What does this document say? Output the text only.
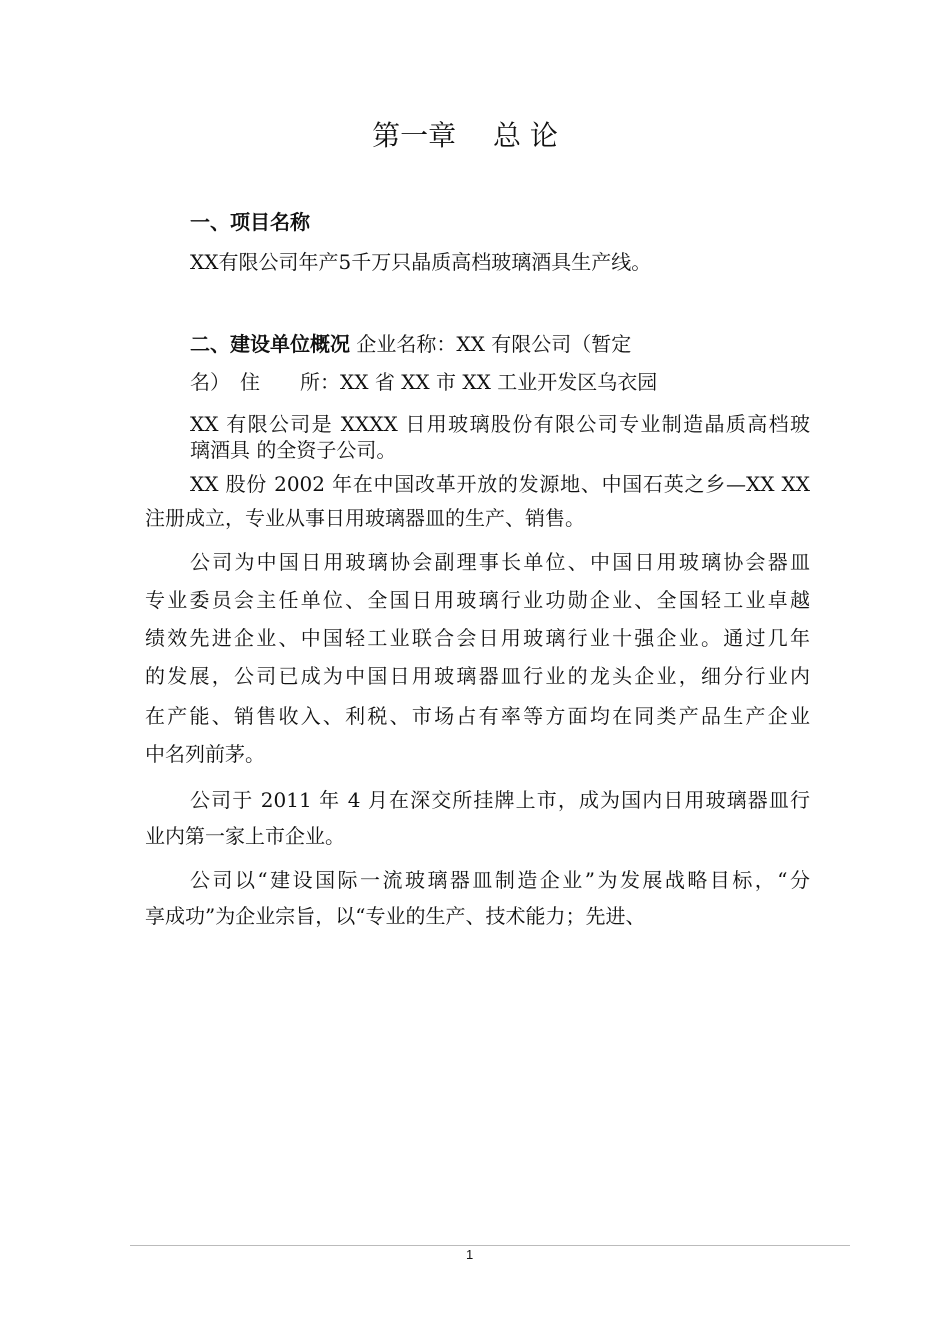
第一章　 总 论
一、项目名称
XX有限公司年产5千万只晶质高档玻璃酒具生产线。
二、建设单位概况 企业名称：XX 有限公司（暂定
名）　住　　所：XX 省 XX 市 XX 工业开发区乌衣园
XX 有限公司是 XXXX 日用玻璃股份有限公司专业制造晶质高档玻
璃酒具 的全资子公司。
XX 股份 2002 年在中国改革开放的发源地、中国石英之乡—XX XX
注册成立，专业从事日用玻璃器皿的生产、销售。
公司为中国日用玻璃协会副理事长单位、中国日用玻璃协会器皿
专业委员会主任单位、全国日用玻璃行业功勋企业、全国轻工业卓越
绩效先进企业、中国轻工业联合会日用玻璃行业十强企业。通过几年
的发展，公司已成为中国日用玻璃器皿行业的龙头企业，细分行业内
在产能、销售收入、利税、市场占有率等方面均在同类产品生产企业
中名列前茅。
公司于 2011 年 4 月在深交所挂牌上市，成为国内日用玻璃器皿行
业内第一家上市企业。
公司以“建设国际一流玻璃器皿制造企业”为发展战略目标，“分
享成功”为企业宗旨，以“专业的生产、技术能力；先进、
1
